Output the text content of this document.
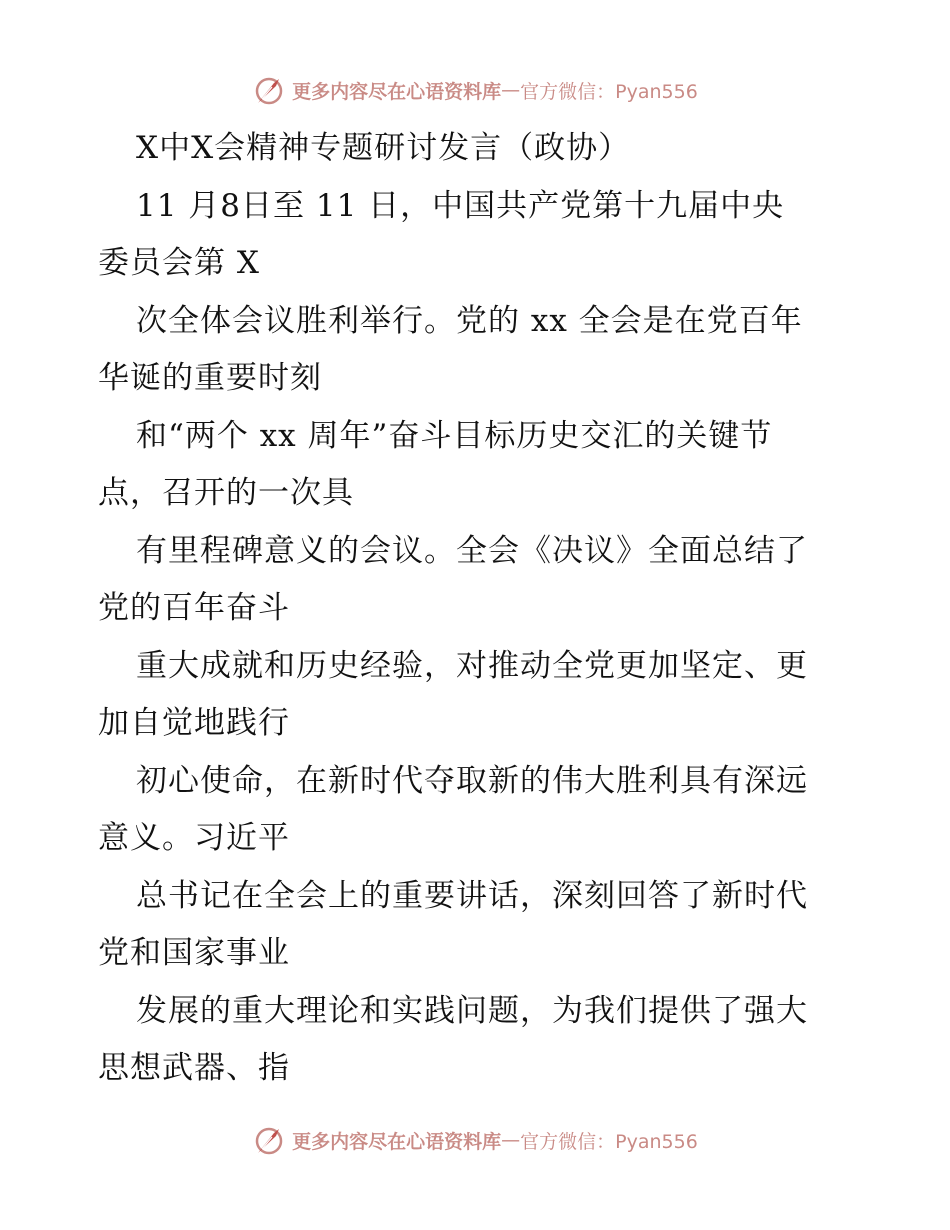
更多内容尽在心语资料库 — 官方微信：Pyan556
X中X会精神专题研讨发言（政协）
11 月8日至 11 日，中国共产党第十九届中央
委员会第 X
次全体会议胜利举行。党的 xx 全会是在党百年
华诞的重要时刻
和“两个 xx 周年”奋斗目标历史交汇的关键节
点，召开的一次具
有里程碑意义的会议。全会《决议》全面总结了
党的百年奋斗
重大成就和历史经验，对推动全党更加坚定、更
加自觉地践行
初心使命，在新时代夺取新的伟大胜利具有深远
意义。习近平
总书记在全会上的重要讲话，深刻回答了新时代
党和国家事业
发展的重大理论和实践问题，为我们提供了强大
思想武器、指
更多内容尽在心语资料库 — 官方微信：Pyan556
